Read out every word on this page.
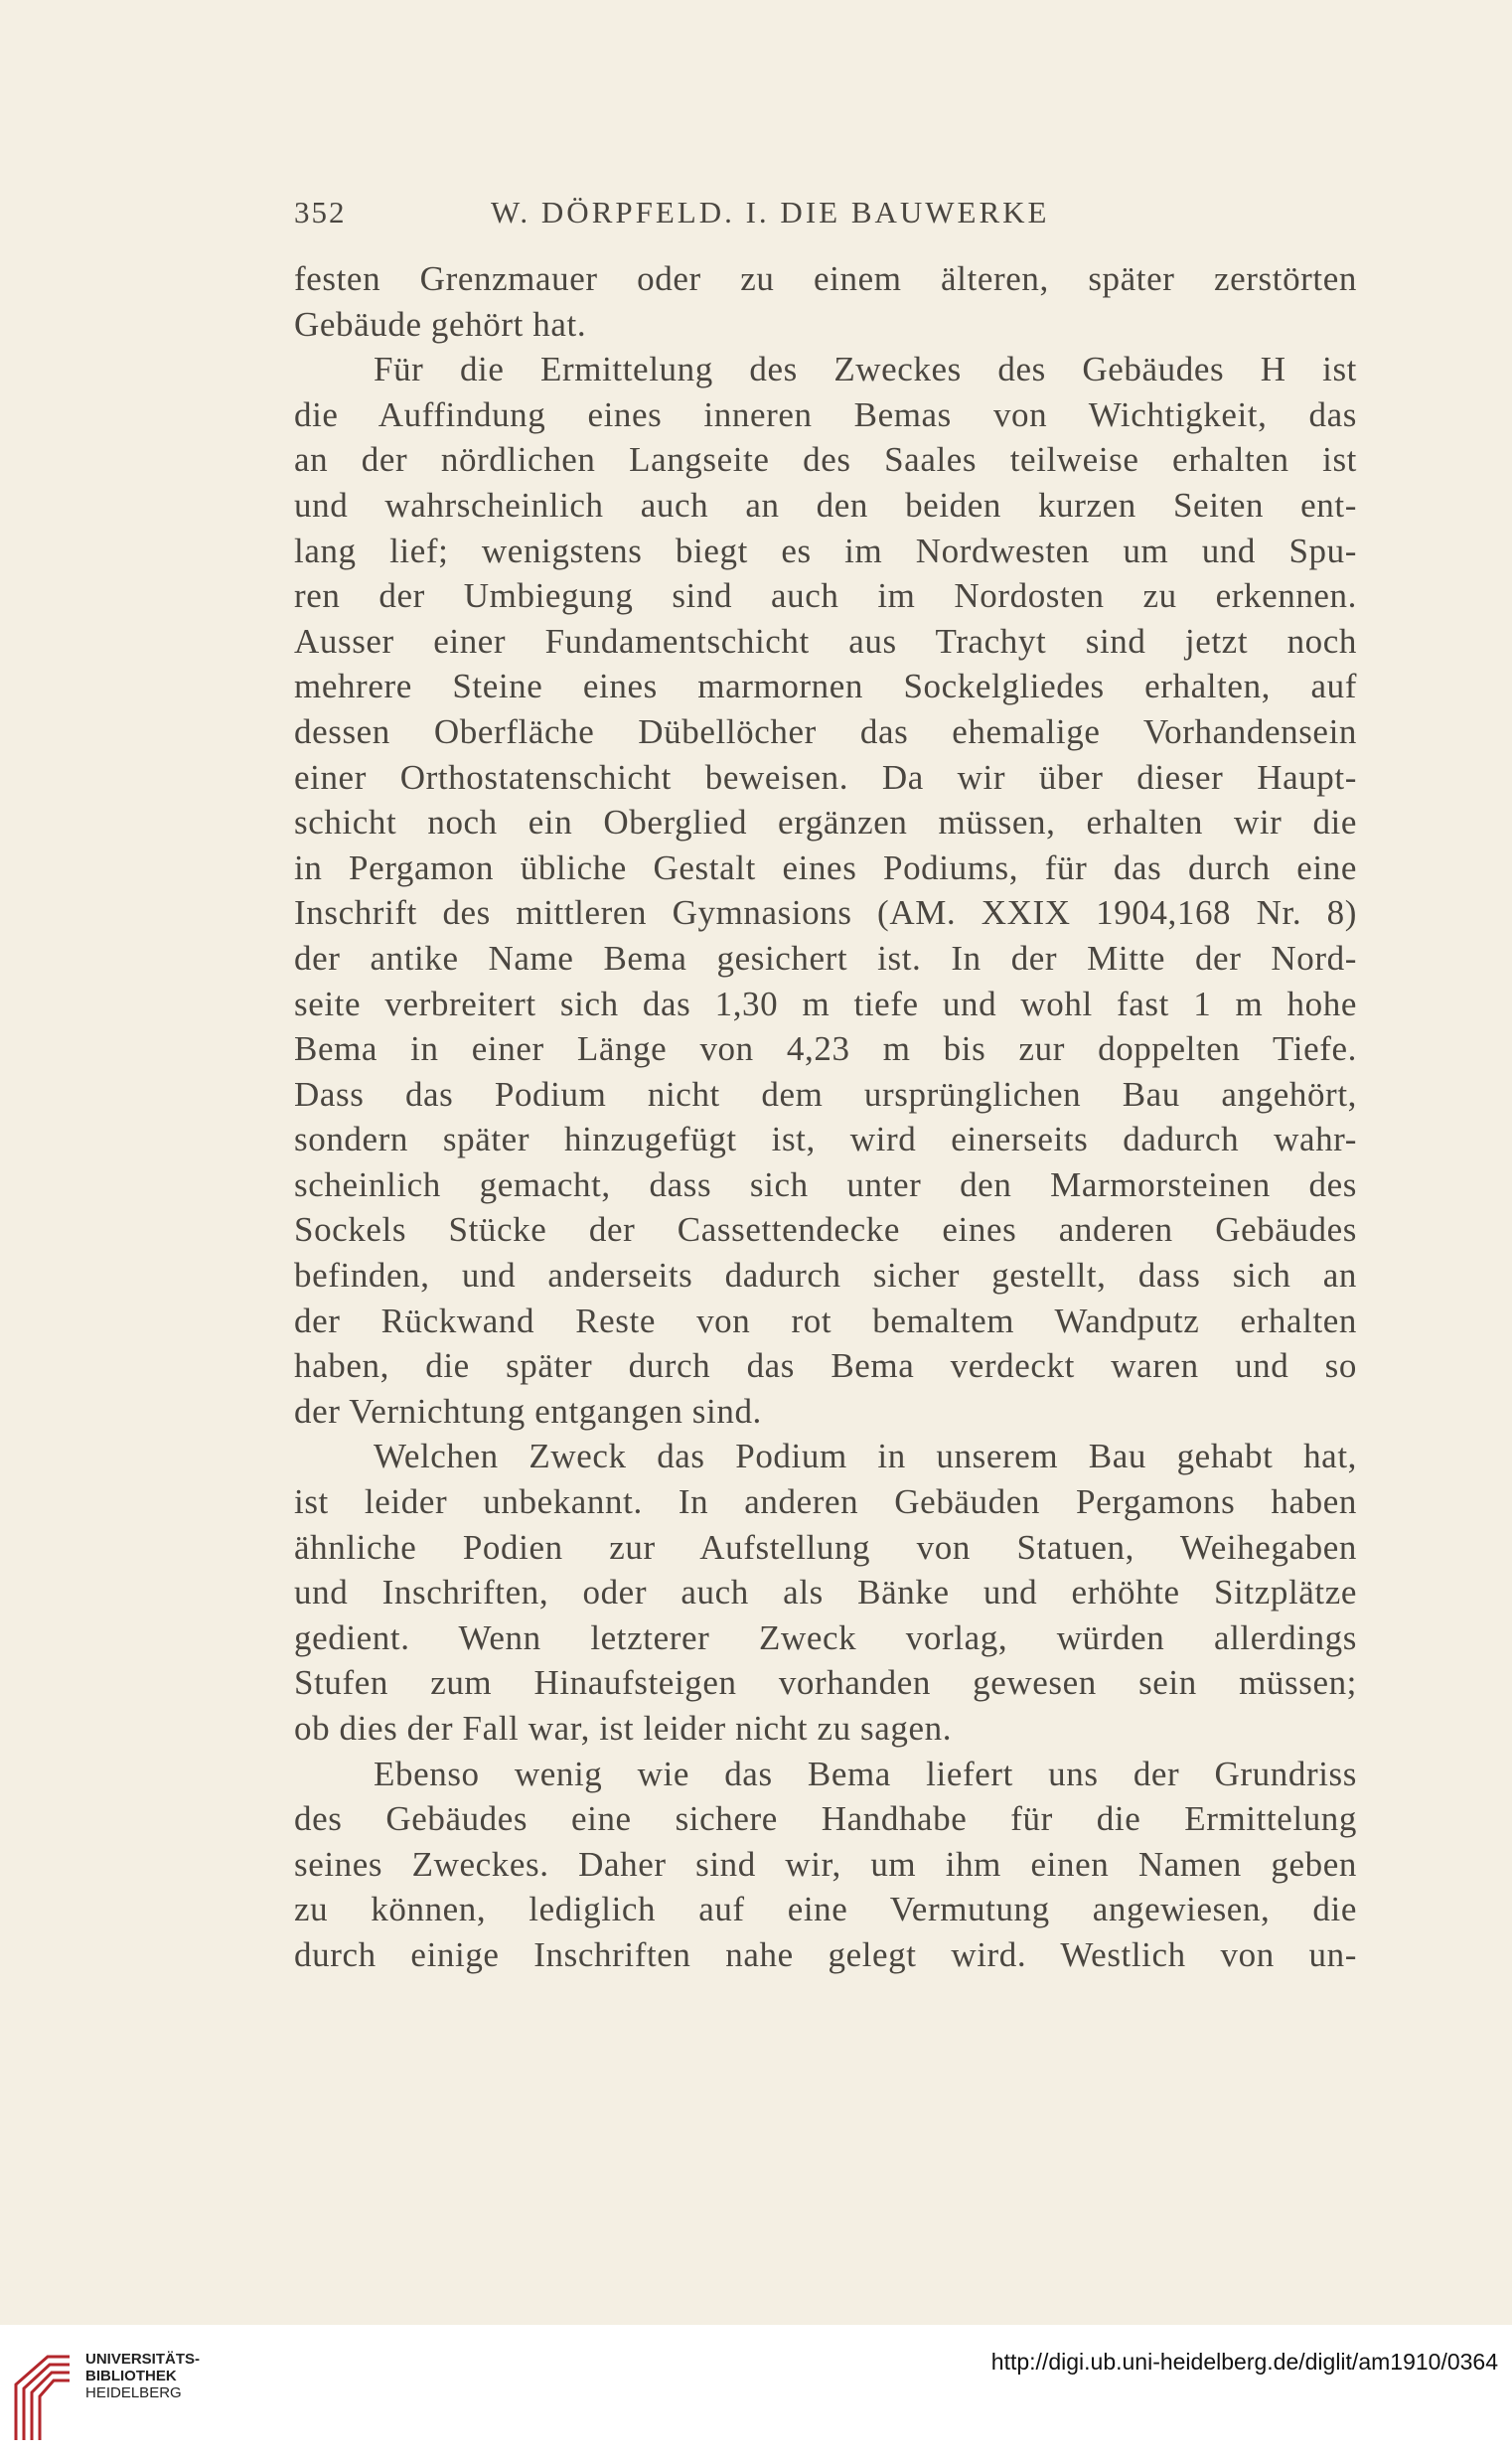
352	W. DÖRPFELD. I. DIE BAUWERKE
festen Grenzmauer oder zu einem älteren, später zerstörten
Gebäude gehört hat.
Für die Ermittelung des Zweckes des Gebäudes H ist
die Auffindung eines inneren Bemas von Wichtigkeit, das
an der nördlichen Langseite des Saales teilweise erhalten ist
und wahrscheinlich auch an den beiden kurzen Seiten ent-
lang lief; wenigstens biegt es im Nordwesten um und Spu-
ren der Umbiegung sind auch im Nordosten zu erkennen.
Ausser einer Fundamentschicht aus Trachyt sind jetzt noch
mehrere Steine eines marmornen Sockelgliedes erhalten, auf
dessen Oberfläche Dübellöcher das ehemalige Vorhandensein
einer Orthostatenschicht beweisen. Da wir über dieser Haupt-
schicht noch ein Oberglied ergänzen müssen, erhalten wir die
in Pergamon übliche Gestalt eines Podiums, für das durch eine
Inschrift des mittleren Gymnasions (AM. XXIX 1904,168 Nr. 8)
der antike Name Bema gesichert ist. In der Mitte der Nord-
seite verbreitert sich das 1,30 m tiefe und wohl fast 1 m hohe
Bema in einer Länge von 4,23 m bis zur doppelten Tiefe.
Dass das Podium nicht dem ursprünglichen Bau angehört,
sondern später hinzugefügt ist, wird einerseits dadurch wahr-
scheinlich gemacht, dass sich unter den Marmorsteinen des
Sockels Stücke der Cassettendecke eines anderen Gebäudes
befinden, und anderseits dadurch sicher gestellt, dass sich an
der Rückwand Reste von rot bemaltem Wandputz erhalten
haben, die später durch das Bema verdeckt waren und so
der Vernichtung entgangen sind.
Welchen Zweck das Podium in unserem Bau gehabt hat,
ist leider unbekannt. In anderen Gebäuden Pergamons haben
ähnliche Podien zur Aufstellung von Statuen, Weihegaben
und Inschriften, oder auch als Bänke und erhöhte Sitzplätze
gedient. Wenn letzterer Zweck vorlag, würden allerdings
Stufen zum Hinaufsteigen vorhanden gewesen sein müssen;
ob dies der Fall war, ist leider nicht zu sagen.
Ebenso wenig wie das Bema liefert uns der Grundriss
des Gebäudes eine sichere Handhabe für die Ermittelung
seines Zweckes. Daher sind wir, um ihm einen Namen geben
zu können, lediglich auf eine Vermutung angewiesen, die
durch einige Inschriften nahe gelegt wird. Westlich von un-
UNIVERSITÄTS-
BIBLIOTHEK
HEIDELBERG
http://digi.ub.uni-heidelberg.de/diglit/am1910/0364
